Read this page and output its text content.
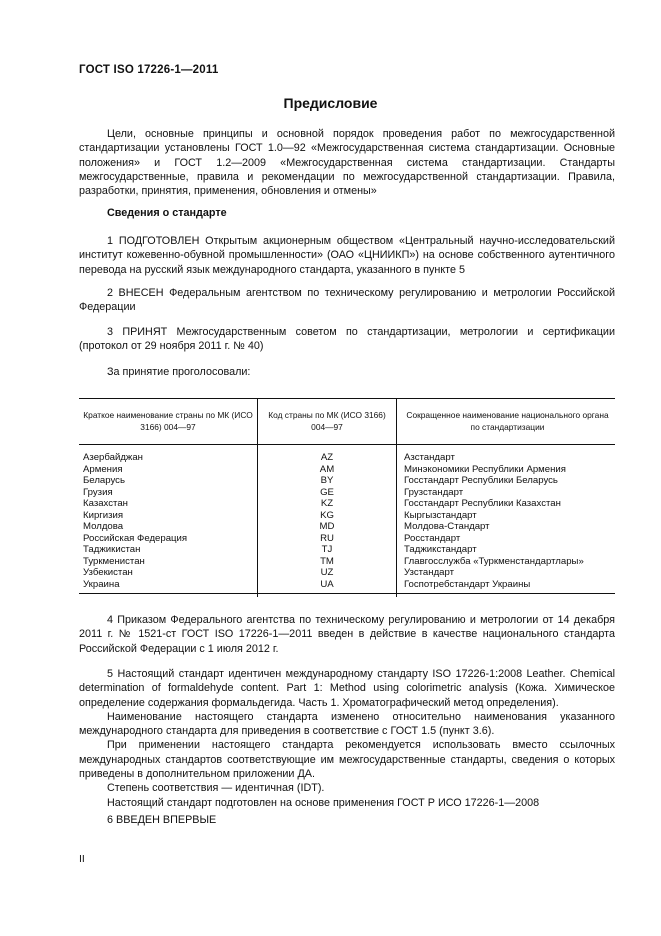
ГОСТ ISO 17226-1—2011
Предисловие

Цели, основные принципы и основной порядок проведения работ по межгосударственной стандартизации установлены ГОСТ 1.0—92 «Межгосударственная система стандартизации. Основные положения» и ГОСТ 1.2—2009 «Межгосударственная система стандартизации. Стандарты межгосударственные, правила и рекомендации по межгосударственной стандартизации. Правила, разработки, принятия, применения, обновления и отмены»

Сведения о стандарте

1 ПОДГОТОВЛЕН Открытым акционерным обществом «Центральный научно-исследовательский институт кожевенно-обувной промышленности» (ОАО «ЦНИИКП») на основе собственного аутентичного перевода на русский язык международного стандарта, указанного в пункте 5

2 ВНЕСЕН Федеральным агентством по техническому регулированию и метрологии Российской Федерации

3 ПРИНЯТ Межгосударственным советом по стандартизации, метрологии и сертификации (протокол от 29 ноября 2011 г. № 40)

За принятие проголосовали:
Краткое наименование страны по МК (ИСО 3166) 004—97	Код страны по МК (ИСО 3166) 004—97	Сокращенное наименование национального органа по стандартизации
Азербайджан	AZ	Азстандарт
Армения	AM	Минэкономики Республики Армения
Беларусь	BY	Госстандарт Республики Беларусь
Грузия	GE	Грузстандарт
Казахстан	KZ	Госстандарт Республики Казахстан
Киргизия	KG	Кыргызстандарт
Молдова	MD	Молдова-Стандарт
Российская Федерация	RU	Росстандарт
Таджикистан	TJ	Таджикстандарт
Туркменистан	TM	Главгосслужба «Туркменстандартлары»
Узбекистан	UZ	Узстандарт
Украина	UA	Госпотребстандарт Украины

4 Приказом Федерального агентства по техническому регулированию и метрологии от 14 декабря 2011 г. № 1521-ст ГОСТ ISO 17226-1—2011 введен в действие в качестве национального стандарта Российской Федерации с 1 июля 2012 г.

5 Настоящий стандарт идентичен международному стандарту ISO 17226-1:2008 Leather. Chemical determination of formaldehyde content. Part 1: Method using colorimetric analysis (Кожа. Химическое определение содержания формальдегида. Часть 1. Хроматографический метод определения).

Наименование настоящего стандарта изменено относительно наименования указанного международного стандарта для приведения в соответствие с ГОСТ 1.5 (пункт 3.6).

При применении настоящего стандарта рекомендуется использовать вместо ссылочных международных стандартов соответствующие им межгосударственные стандарты, сведения о которых приведены в дополнительном приложении ДА.

Степень соответствия — идентичная (IDT).

Настоящий стандарт подготовлен на основе применения ГОСТ Р ИСО 17226-1—2008

6 ВВЕДЕН ВПЕРВЫЕ

II
